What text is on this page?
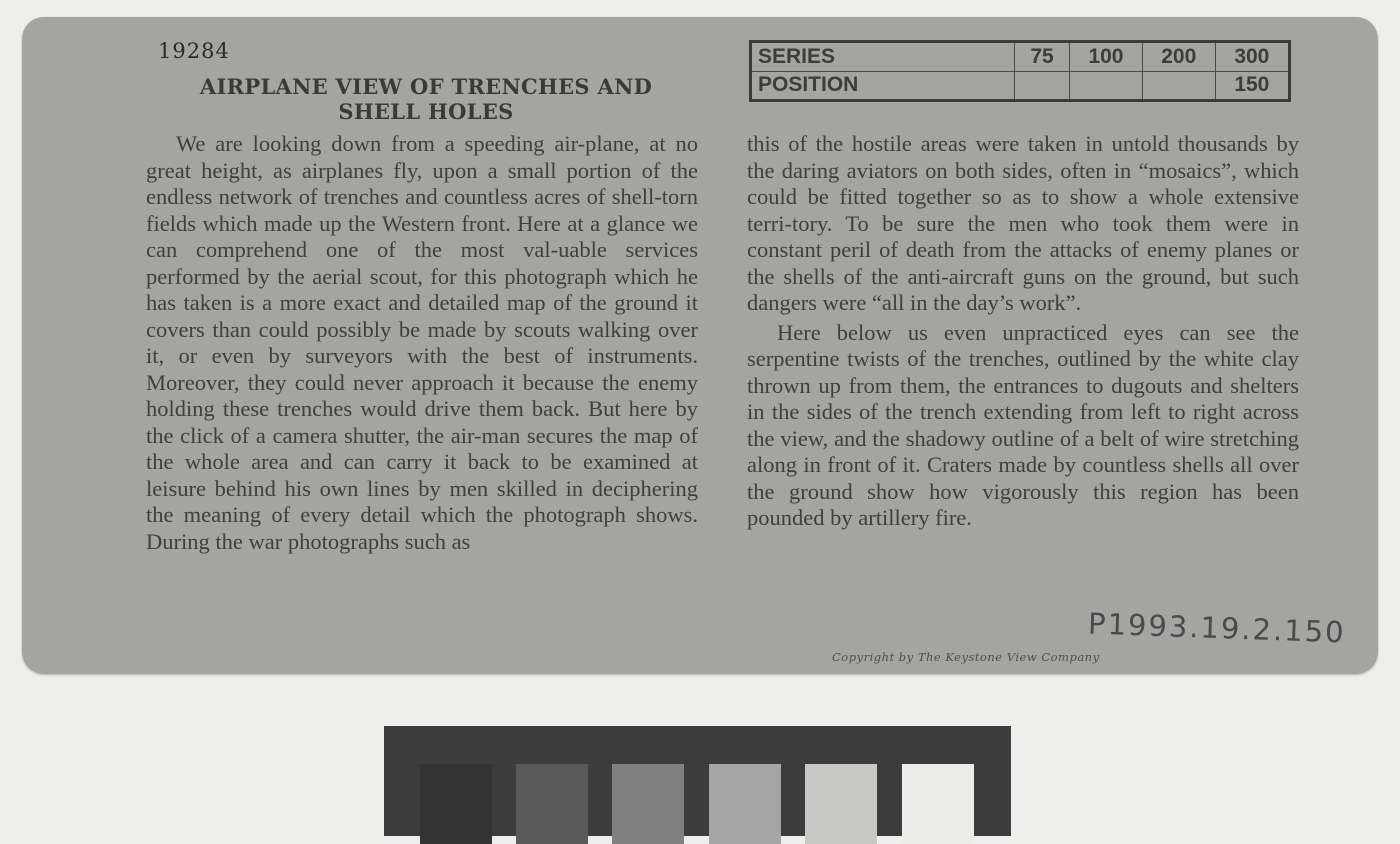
19284
AIRPLANE VIEW OF TRENCHES AND
SHELL HOLES
SERIES	75	100	200	300
POSITION				150

We are looking down from a speeding air-plane, at no great height, as airplanes fly, upon a small portion of the endless network of trenches and countless acres of shell-torn fields which made up the Western front. Here at a glance we can comprehend one of the most val-uable services performed by the aerial scout, for this photograph which he has taken is a more exact and detailed map of the ground it covers than could possibly be made by scouts walking over it, or even by surveyors with the best of instruments. Moreover, they could never approach it because the enemy holding these trenches would drive them back. But here by the click of a camera shutter, the air-man secures the map of the whole area and can carry it back to be examined at leisure behind his own lines by men skilled in deciphering the meaning of every detail which the photograph shows. During the war photographs such as

this of the hostile areas were taken in untold thousands by the daring aviators on both sides, often in “mosaics”, which could be fitted together so as to show a whole extensive terri-tory. To be sure the men who took them were in constant peril of death from the attacks of enemy planes or the shells of the anti-aircraft guns on the ground, but such dangers were “all in the day’s work”.

Here below us even unpracticed eyes can see the serpentine twists of the trenches, outlined by the white clay thrown up from them, the entrances to dugouts and shelters in the sides of the trench extending from left to right across the view, and the shadowy outline of a belt of wire stretching along in front of it. Craters made by countless shells all over the ground show how vigorously this region has been pounded by artillery fire.

P1993.19.2.150
Copyright by The Keystone View Company
